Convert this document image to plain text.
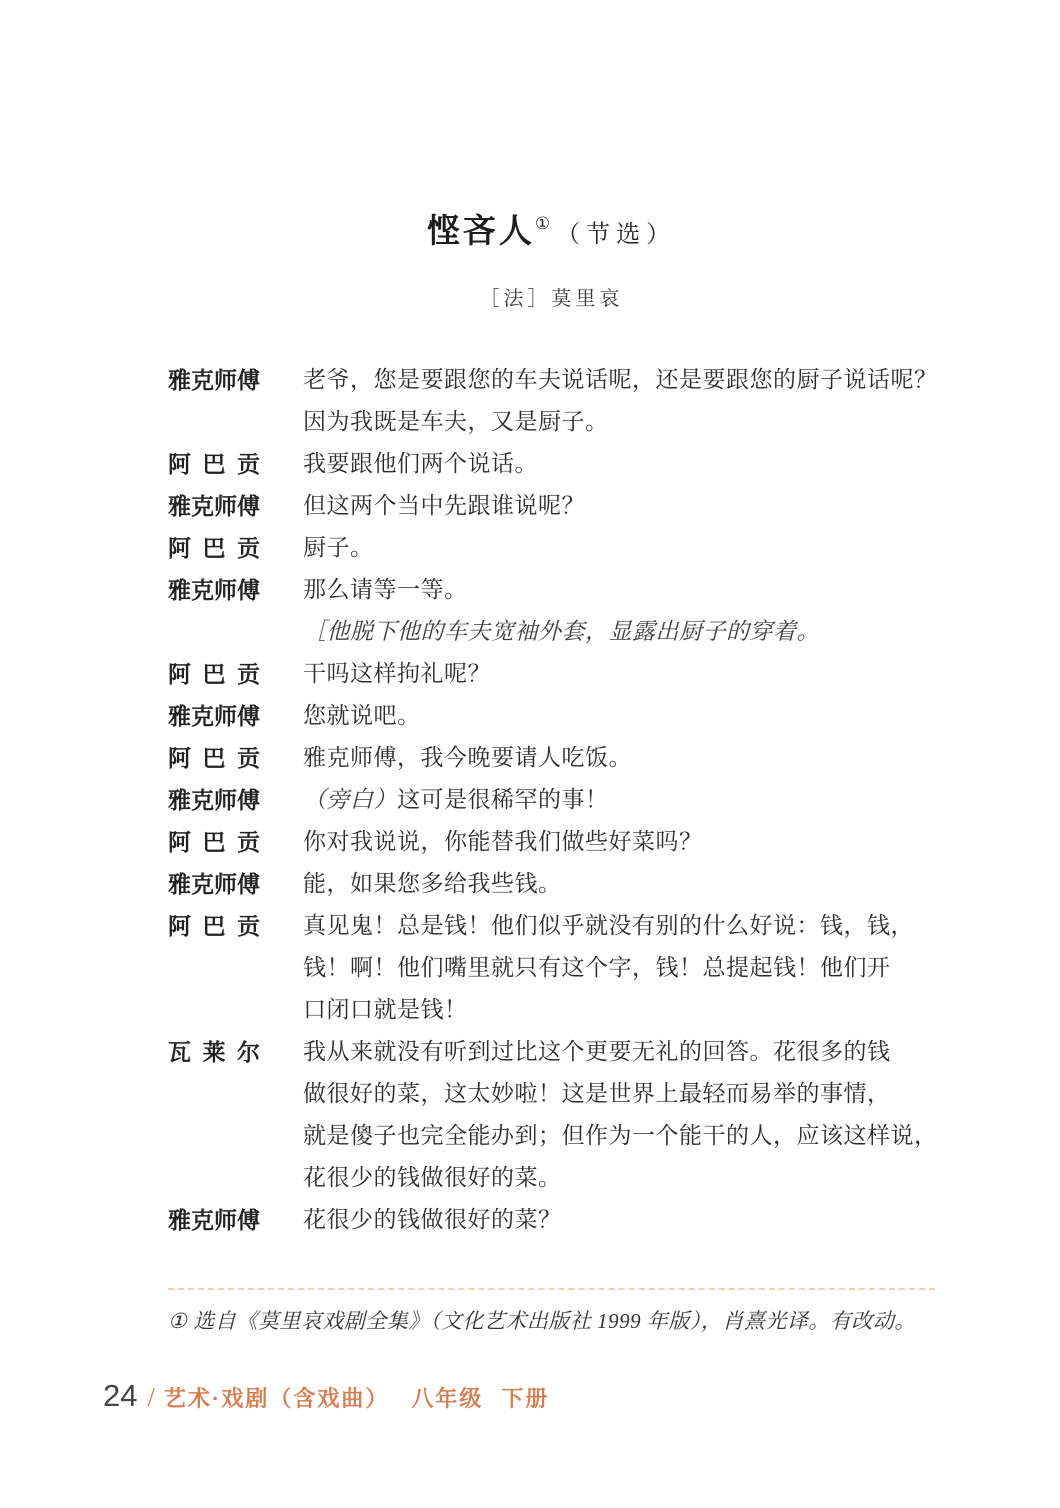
悭吝人① （节选）
［法］莫里哀
雅 克 师 傅 老爷，您是要跟您的车夫说话呢，还是要跟您的厨子说话呢？
因为我既是车夫，又是厨子。
阿 巴 贡 我要跟他们两个说话。
雅 克 师 傅 但这两个当中先跟谁说呢？
阿 巴 贡 厨子。
雅 克 师 傅 那么请等一等。
［他脱下他的车夫宽袖外套，显露出厨子的穿着。
阿 巴 贡 干吗这样拘礼呢？
雅 克 师 傅 您就说吧。
阿 巴 贡 雅克师傅，我今晚要请人吃饭。
雅 克 师 傅 （旁白）这可是很稀罕的事！
阿 巴 贡 你对我说说，你能替我们做些好菜吗？
雅 克 师 傅 能，如果您多给我些钱。
阿 巴 贡 真见鬼！总是钱！他们似乎就没有别的什么好说：钱，钱，
钱！啊！他们嘴里就只有这个字，钱！总提起钱！他们开
口闭口就是钱！
瓦 莱 尔 我从来就没有听到过比这个更要无礼的回答。花很多的钱
做很好的菜，这太妙啦！这是世界上最轻而易举的事情，
就是傻子也完全能办到；但作为一个能干的人，应该这样说，
花很少的钱做很好的菜。
雅 克 师 傅 花很少的钱做很好的菜？
① 选自《莫里哀戏剧全集》（文化艺术出版社 1999 年版），肖熹光译。有改动。
24 / 艺术·戏剧（含戏曲） 八年级 下册
